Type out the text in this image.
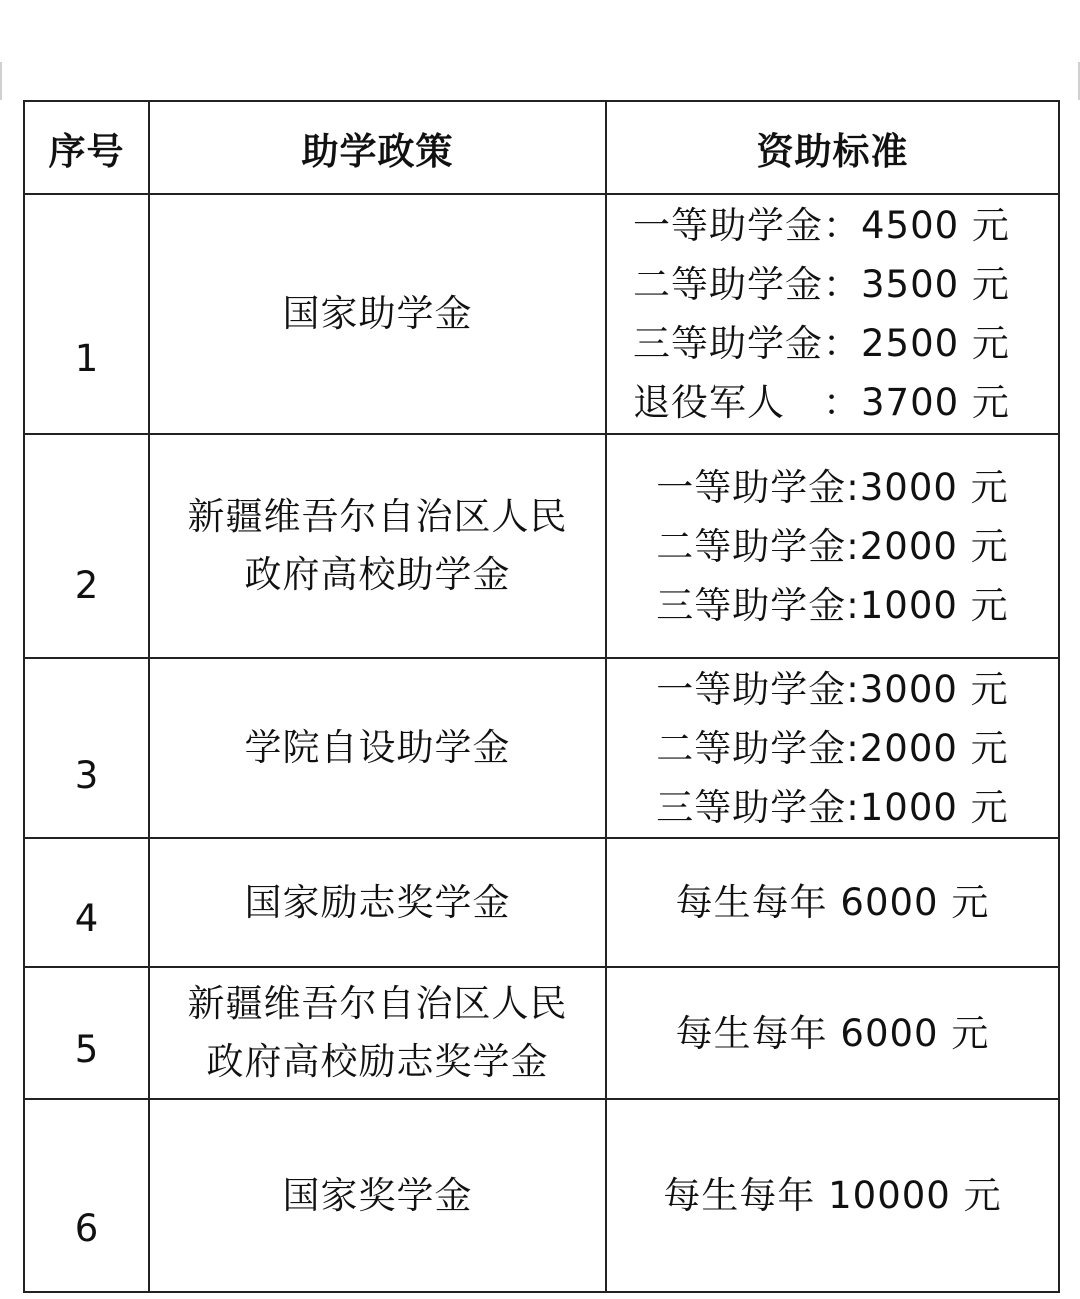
序号	助学政策	资助标准

1	国家助学金	一等助学金：4500 元
二等助学金：3500 元
三等助学金：2500 元
退役军人　：3700 元

2	新疆维吾尔自治区人民
政府高校助学金	一等助学金:3000 元
二等助学金:2000 元
三等助学金:1000 元

3	学院自设助学金	一等助学金:3000 元
二等助学金:2000 元
三等助学金:1000 元

4	国家励志奖学金	每生每年 6000 元

5	新疆维吾尔自治区人民
政府高校励志奖学金	每生每年 6000 元

6	国家奖学金	每生每年 10000 元
